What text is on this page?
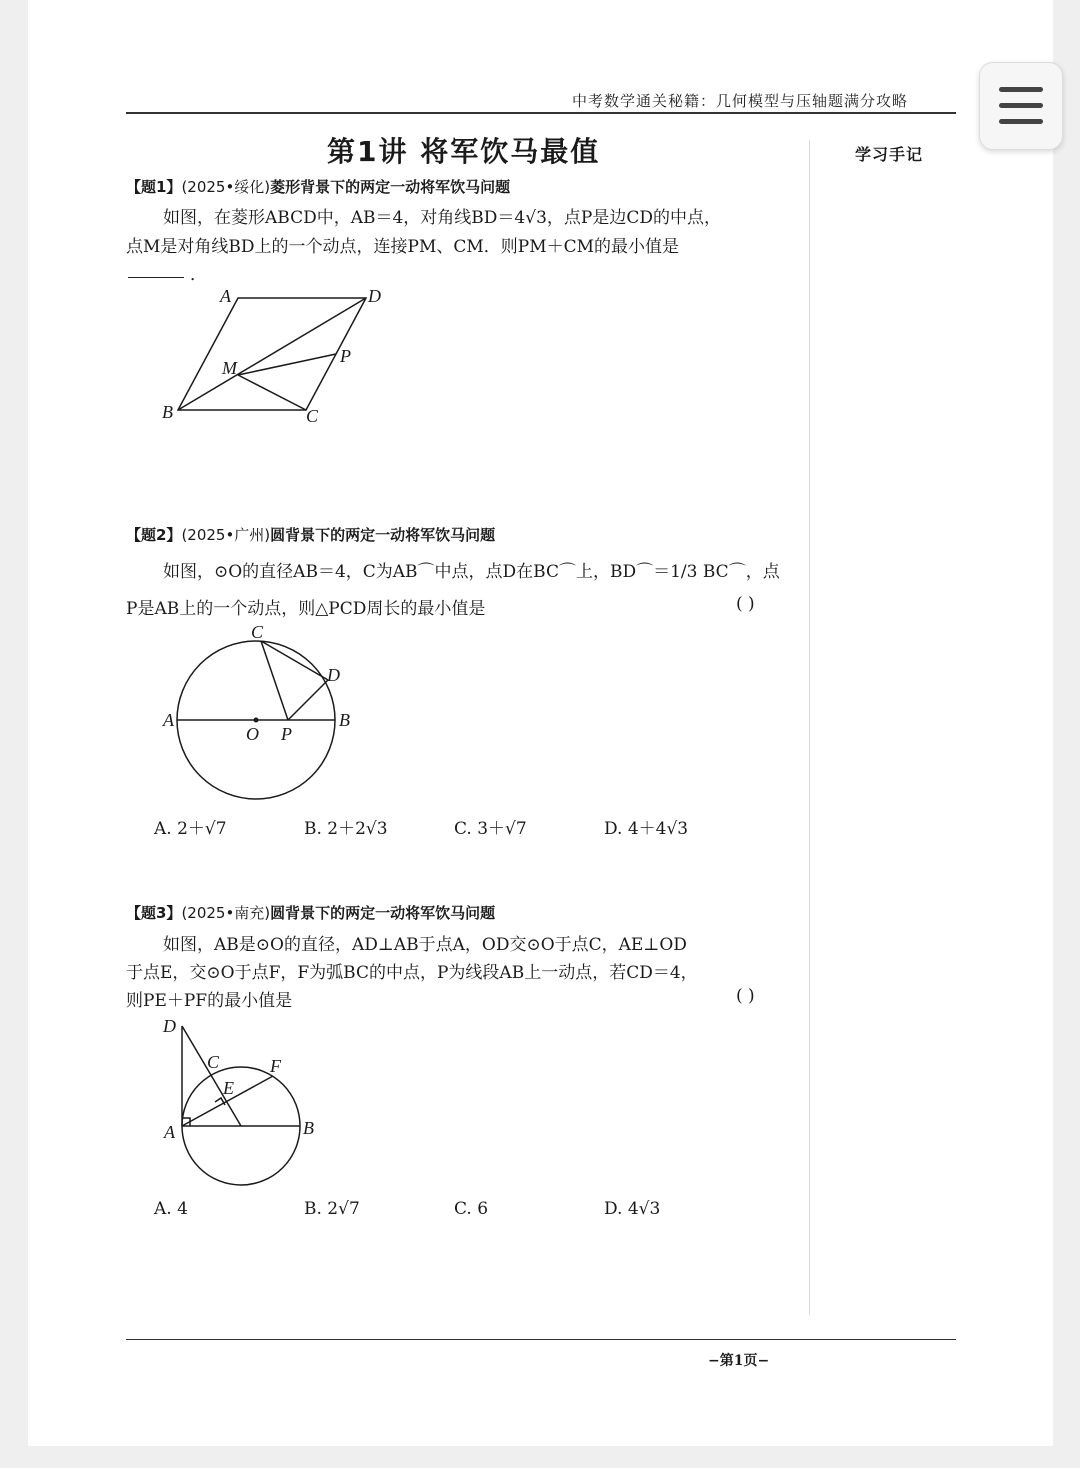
中考数学通关秘籍：几何模型与压轴题满分攻略
第1讲 将军饮马最值	学习手记
【题1】(2025•绥化)菱形背景下的两定一动将军饮马问题
如图，在菱形ABCD中，AB＝4，对角线BD＝4√3，点P是边CD的中点，
点M是对角线BD上的一个动点，连接PM、CM．则PM＋CM的最小值是
．
A	D
B	C
M
P
【题2】(2025•广州)圆背景下的两定一动将军饮马问题
如图，⊙O的直径AB＝4，C为AB⌒中点，点D在BC⌒上，BD⌒＝1/3 BC⌒，点
P是AB上的一个动点，则△PCD周长的最小值是	( )
A	B
C
D
O P
A. 2＋√7	B. 2＋2√3	C. 3＋√7	D. 4＋4√3
【题3】(2025•南充)圆背景下的两定一动将军饮马问题
如图，AB是⊙O的直径，AD⊥AB于点A，OD交⊙O于点C，AE⊥OD
于点E，交⊙O于点F，F为弧BC的中点，P为线段AB上一动点，若CD＝4，
则PE＋PF的最小值是	( )
D
C
E
F
A	B
A. 4	B. 2√7	C. 6	D. 4√3
−第1页−
